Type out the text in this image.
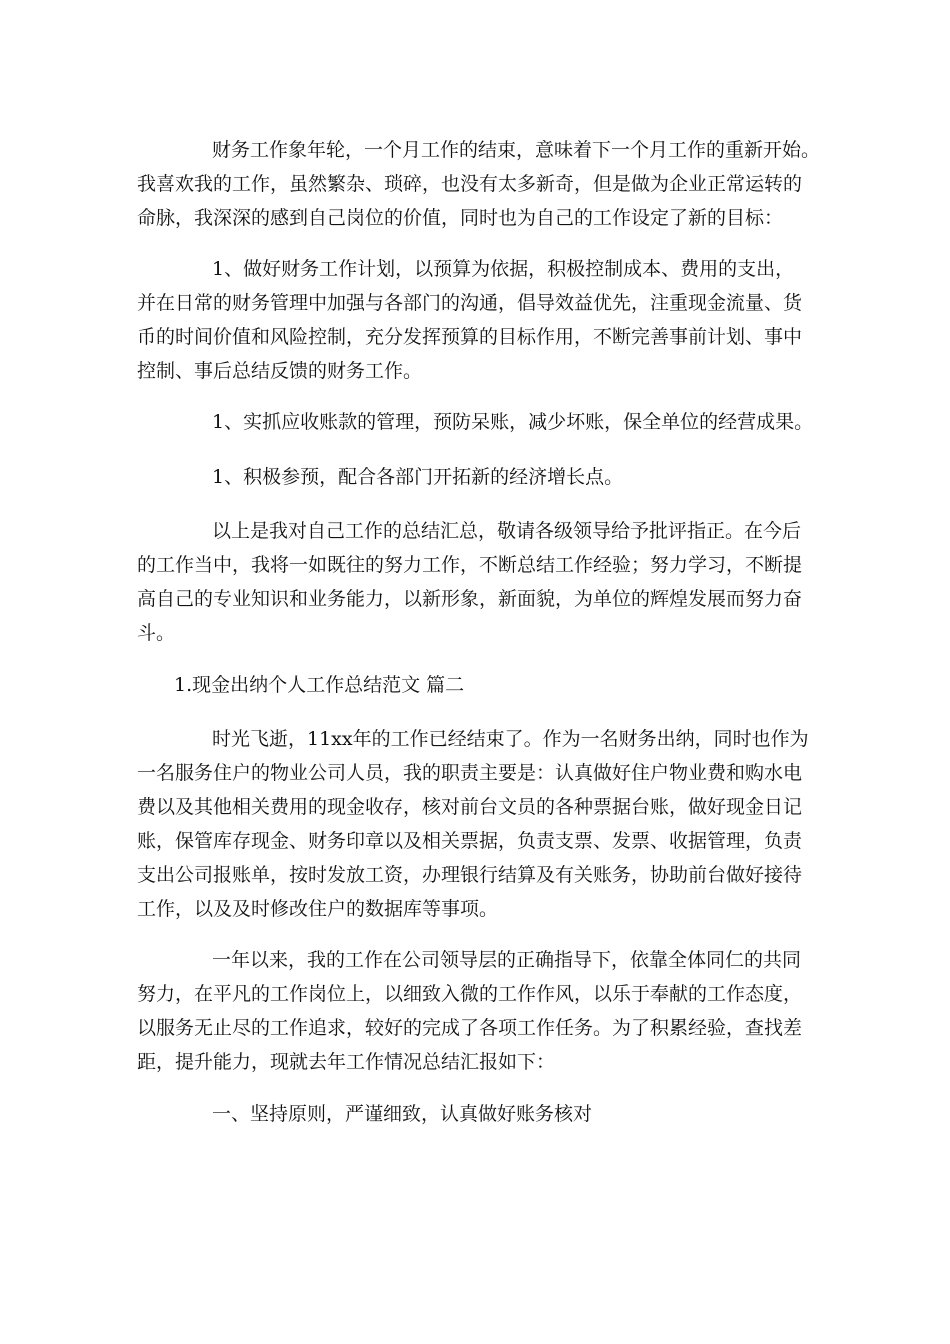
财务工作象年轮，一个月工作的结束，意味着下一个月工作的重新开始。
我喜欢我的工作，虽然繁杂、琐碎，也没有太多新奇，但是做为企业正常运转的
命脉，我深深的感到自己岗位的价值，同时也为自己的工作设定了新的目标：
1、做好财务工作计划，以预算为依据，积极控制成本、费用的支出，
并在日常的财务管理中加强与各部门的沟通，倡导效益优先，注重现金流量、货
币的时间价值和风险控制，充分发挥预算的目标作用，不断完善事前计划、事中
控制、事后总结反馈的财务工作。
1、实抓应收账款的管理，预防呆账，减少坏账，保全单位的经营成果。
1、积极参预，配合各部门开拓新的经济增长点。
以上是我对自己工作的总结汇总，敬请各级领导给予批评指正。在今后
的工作当中，我将一如既往的努力工作，不断总结工作经验；努力学习，不断提
高自己的专业知识和业务能力，以新形象，新面貌，为单位的辉煌发展而努力奋
斗。
1.现金出纳个人工作总结范文 篇二
时光飞逝，11xx年的工作已经结束了。作为一名财务出纳，同时也作为
一名服务住户的物业公司人员，我的职责主要是：认真做好住户物业费和购水电
费以及其他相关费用的现金收存，核对前台文员的各种票据台账，做好现金日记
账，保管库存现金、财务印章以及相关票据，负责支票、发票、收据管理，负责
支出公司报账单，按时发放工资，办理银行结算及有关账务，协助前台做好接待
工作，以及及时修改住户的数据库等事项。
一年以来，我的工作在公司领导层的正确指导下，依靠全体同仁的共同
努力，在平凡的工作岗位上，以细致入微的工作作风，以乐于奉献的工作态度，
以服务无止尽的工作追求，较好的完成了各项工作任务。为了积累经验，查找差
距，提升能力，现就去年工作情况总结汇报如下：
一、坚持原则，严谨细致，认真做好账务核对
